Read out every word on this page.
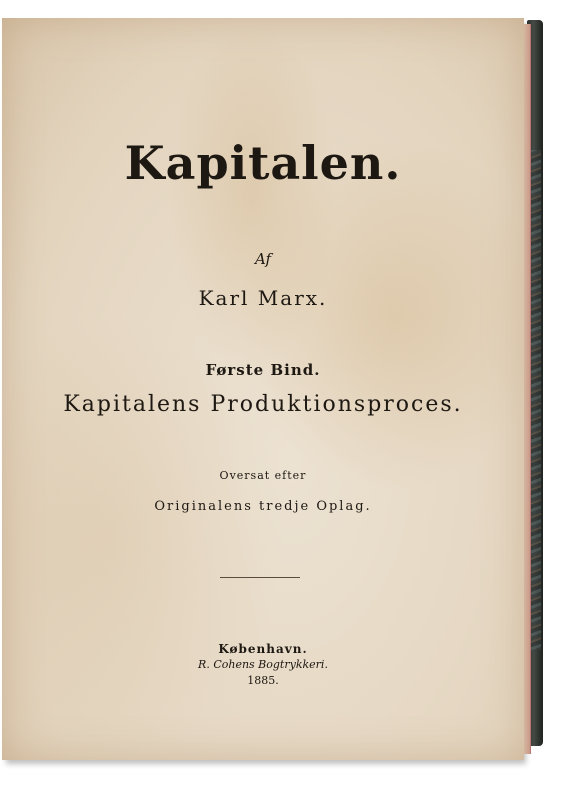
Kapitalen.
Af
Karl Marx.
Første Bind.
Kapitalens Produktionsproces.
Oversat efter
Originalens tredje Oplag.
København.
R. Cohens Bogtrykkeri.
1885.
